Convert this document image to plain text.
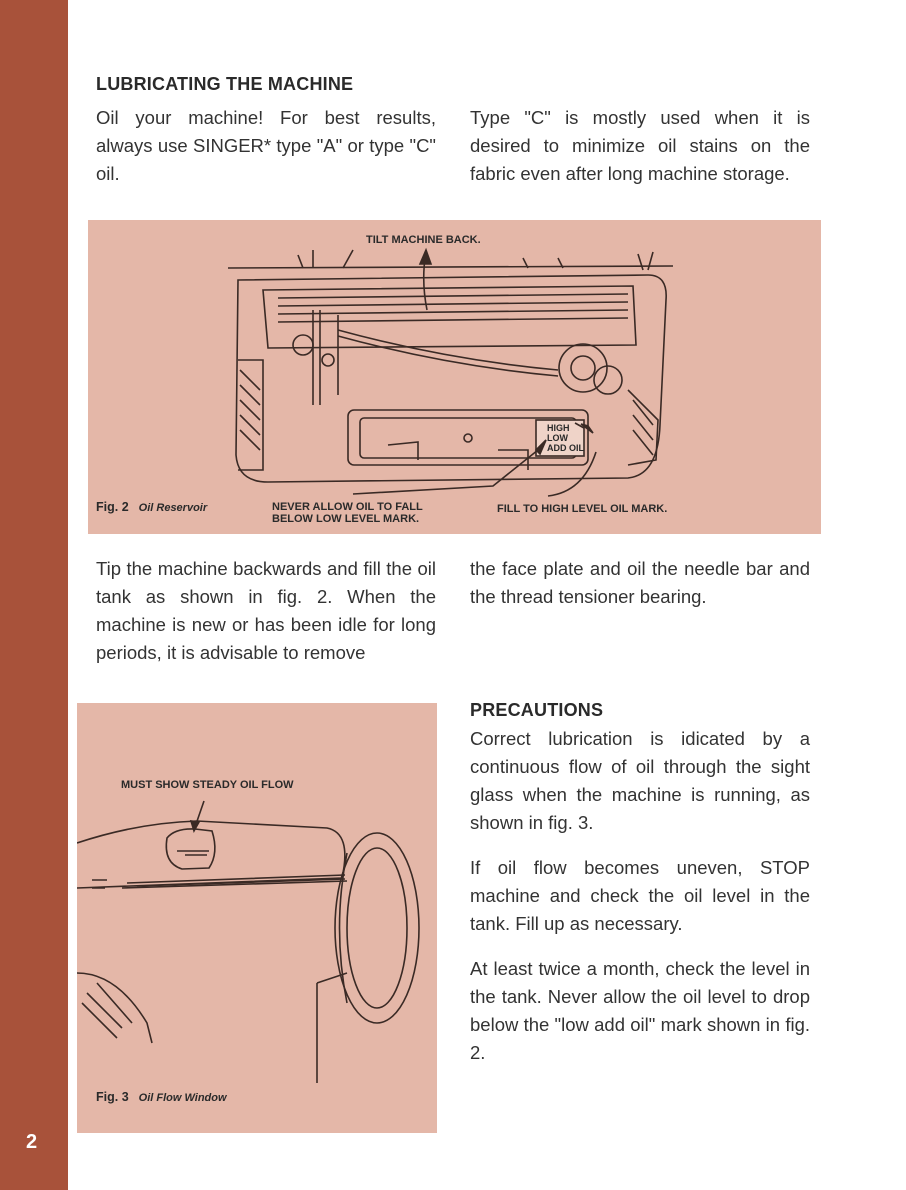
2
LUBRICATING THE MACHINE

Oil your machine! For best results, always use SINGER* type "A" or type "C" oil.

Type "C" is mostly used when it is desired to minimize oil stains on the fabric even after long machine storage.

TILT MACHINE BACK.
HIGH
LOW
ADD OIL
Fig. 2 Oil Reservoir	NEVER ALLOW OIL TO FALL
BELOW LOW LEVEL MARK.
FILL TO HIGH LEVEL OIL MARK.

Tip the machine backwards and fill the oil tank as shown in fig. 2. When the machine is new or has been idle for long periods, it is advisable to remove

the face plate and oil the needle bar and the thread tensioner bearing.

MUST SHOW STEADY OIL FLOW
Fig. 3 Oil Flow Window
PRECAUTIONS

Correct lubrication is idicated by a continuous flow of oil through the sight glass when the machine is running, as shown in fig. 3.

If oil flow becomes uneven, STOP machine and check the oil level in the tank. Fill up as necessary.

At least twice a month, check the level in the tank. Never allow the oil level to drop below the "low add oil" mark shown in fig. 2.
